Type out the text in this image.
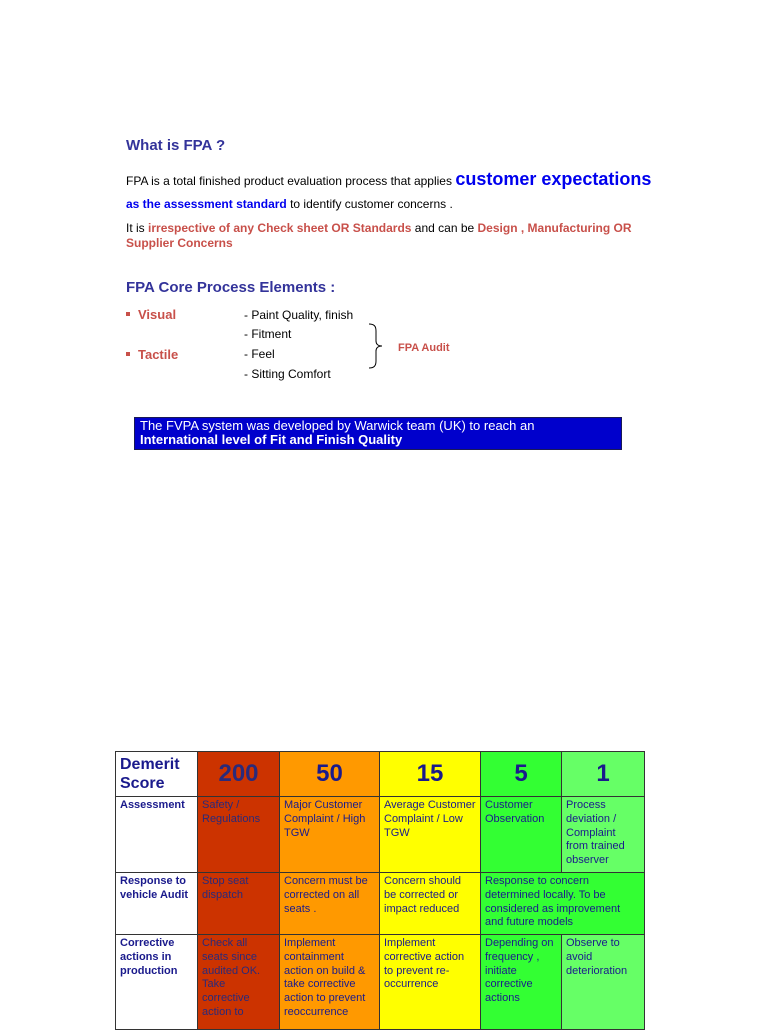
What is FPA ?

FPA is a total finished product evaluation process that applies customer expectations as the assessment standard to identify customer concerns .

It is irrespective of any Check sheet OR Standards and can be Design , Manufacturing OR Supplier Concerns

FPA Core Process Elements :
Visual
Tactile
- Paint Quality, finish
- Fitment
- Feel
- Sitting Comfort
FPA Audit
The FVPA system was developed by Warwick team (UK) to reach an
International level of Fit and Finish Quality
Demerit Score	200	50	15	5	1
Assessment	Safety / Regulations	Major Customer Complaint / High TGW	Average Customer Complaint / Low TGW	Customer Observation	Process deviation / Complaint from trained observer
Response to vehicle Audit	Stop seat dispatch	Concern must be corrected on all seats .	Concern should be corrected or impact reduced	Response to concern determined locally. To be considered as improvement and future models	
Corrective actions in production	Check all seats since audited OK. Take corrective action to	Implement containment action on build & take corrective action to prevent reoccurrence	Implement corrective action to prevent re-occurrence	Depending on frequency , initiate corrective actions	Observe to avoid deterioration
